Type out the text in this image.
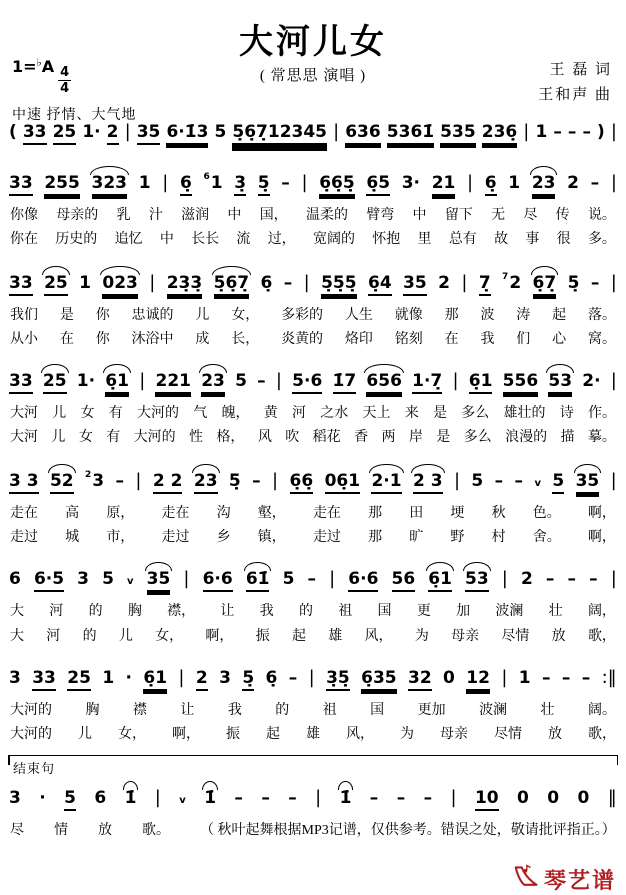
大河儿女
( 常思思 演唱 )
$1=^♭A \frac{4}{4}$
中速 抒情、大气地
王 磊 词
王和声 曲
( 33 25 1· 2 | 35 6·1̇3 5 5̣6̣7̣12345 | 636 5361̇ 535 236̣ | 1 – – – ) |
33 255 323 1 | 6̣ $^6$1 3̣ 5̣ – | 6̣6̣5̣ 6̣5 3· 21 | 6̣ 1 23 2 – |
你像 母亲的 乳 汁 滋润 中 国， 温柔的 臂弯 中 留下 无 尽 传 说。
你在 历史的 追忆 中 长长 流 过， 宽阔的 怀抱 里 总有 故 事 很 多。
33 25 1 023 | 23̣3̣ 5̣6̣7̣ 6̣ – | 5̣5̣5̣ 6̣4 35 2 | 7̣ $^7$2 6̣7̣ 5̣ – |
我们 是 你 忠诚的 儿 女， 多彩的 人生 就像 那 波 涛 起 落。
从小 在 你 沐浴中 成 长， 炎黄的 烙印 铭刻 在 我 们 心 窝。
33 25 1· 6̣1 | 221 23 5 – | 5·6 1̇7 656 1·7̣ | 6̣1 556 53 2· |
大河 儿 女 有 大河的 气 魄， 黄 河 之水 天上 来 是 多么 雄壮的 诗 作。
大河 儿 女 有 大河的 性 格， 风 吹 稻花 香 两 岸 是 多么 浪漫的 描 摹。
3 3 52 $^2$3 – | 2 2 23 5̣ – | 6̣6̣ 06̣1 2·1 2 3 | 5 – – v 5 35 |
走在 高 原， 走在 沟 壑， 走在 那 田 埂 秋 色。 啊，
走过 城 市， 走过 乡 镇， 走过 那 旷 野 村 舍。 啊，
6 6·5 3 5 v 35 | 6·6 61̇ 5 – | 6·6 56 6̣1 53 | 2 – – – |
大 河 的 胸 襟， 让 我 的 祖 国 更 加 波澜 壮 阔，
大 河 的 儿 女， 啊， 振 起 雄 风， 为 母亲 尽情 放 歌，
3 33 25 1 · 6̣1 | 2 3 5̣ 6̣ – | 3̣5̣ 6̣35 32 0 12 | 1 – – – :‖
大河的 胸 襟 让 我 的 祖 国 更加 波澜 壮 阔。
大河的 儿 女， 啊， 振 起 雄 风， 为 母亲 尽情 放 歌，
结束句
3 · 5 6 1̇ | v 1̇ – – – | 1̇ – – – | 10 0 0 0 ‖
尽 情 放 歌。 （ 秋叶起舞根据MP3记谱，仅供参考。错误之处，敬请批评指正。）
琴艺谱
